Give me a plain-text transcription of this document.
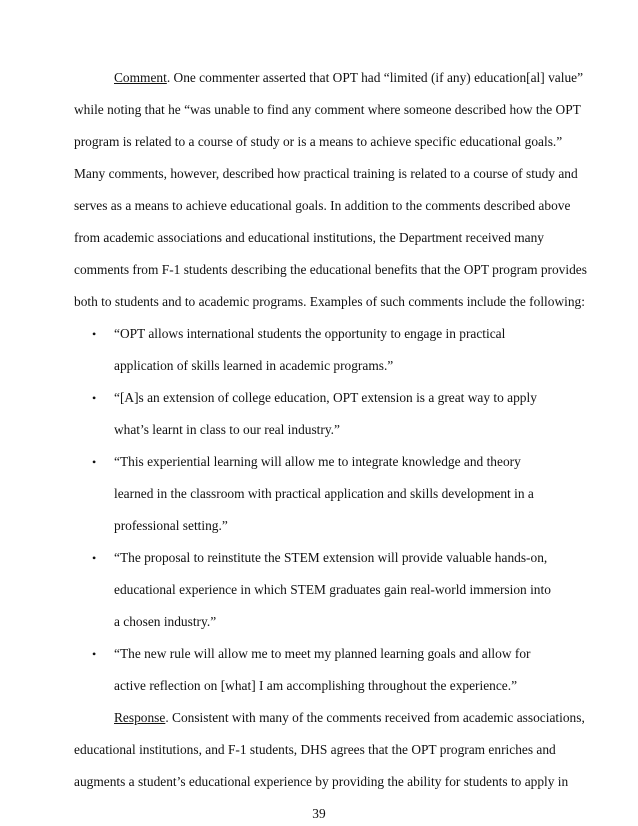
Comment. One commenter asserted that OPT had “limited (if any) education[al] value”
while noting that he “was unable to find any comment where someone described how the OPT
program is related to a course of study or is a means to achieve specific educational goals.”
Many comments, however, described how practical training is related to a course of study and
serves as a means to achieve educational goals. In addition to the comments described above
from academic associations and educational institutions, the Department received many
comments from F-1 students describing the educational benefits that the OPT program provides
both to students and to academic programs. Examples of such comments include the following:
• “OPT allows international students the opportunity to engage in practical
application of skills learned in academic programs.”
• “[A]s an extension of college education, OPT extension is a great way to apply
what’s learnt in class to our real industry.”
• “This experiential learning will allow me to integrate knowledge and theory
learned in the classroom with practical application and skills development in a
professional setting.”
• “The proposal to reinstitute the STEM extension will provide valuable hands-on,
educational experience in which STEM graduates gain real-world immersion into
a chosen industry.”
• “The new rule will allow me to meet my planned learning goals and allow for
active reflection on [what] I am accomplishing throughout the experience.”
Response. Consistent with many of the comments received from academic associations,
educational institutions, and F-1 students, DHS agrees that the OPT program enriches and
augments a student’s educational experience by providing the ability for students to apply in
39
